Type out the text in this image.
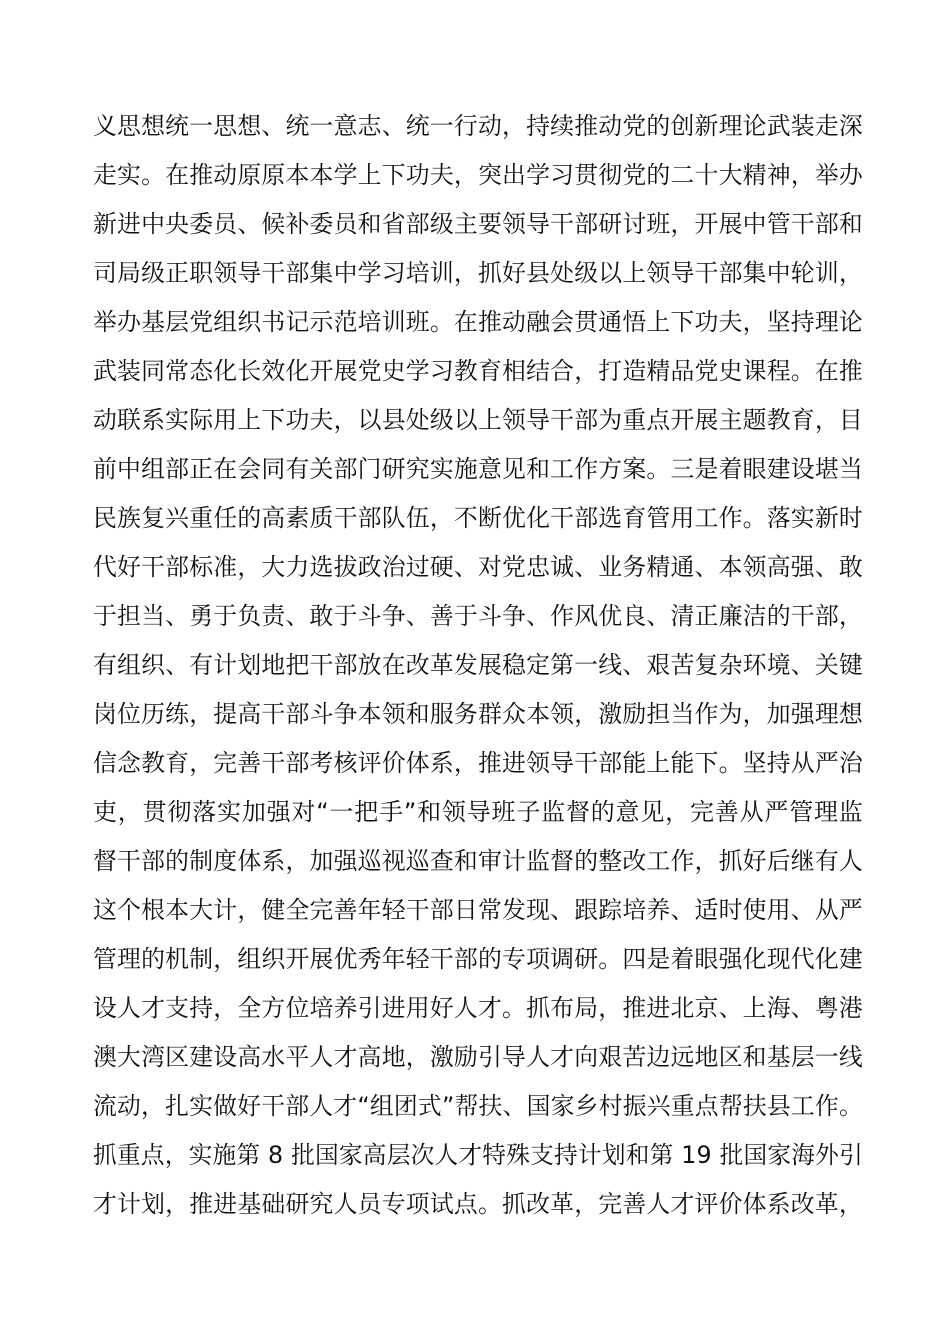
义思想统一思想、统一意志、统一行动，持续推动党的创新理论武装走深
走实。在推动原原本本学上下功夫，突出学习贯彻党的二十大精神，举办
新进中央委员、候补委员和省部级主要领导干部研讨班，开展中管干部和
司局级正职领导干部集中学习培训，抓好县处级以上领导干部集中轮训，
举办基层党组织书记示范培训班。在推动融会贯通悟上下功夫，坚持理论
武装同常态化长效化开展党史学习教育相结合，打造精品党史课程。在推
动联系实际用上下功夫，以县处级以上领导干部为重点开展主题教育，目
前中组部正在会同有关部门研究实施意见和工作方案。三是着眼建设堪当
民族复兴重任的高素质干部队伍，不断优化干部选育管用工作。落实新时
代好干部标准，大力选拔政治过硬、对党忠诚、业务精通、本领高强、敢
于担当、勇于负责、敢于斗争、善于斗争、作风优良、清正廉洁的干部，
有组织、有计划地把干部放在改革发展稳定第一线、艰苦复杂环境、关键
岗位历练，提高干部斗争本领和服务群众本领，激励担当作为，加强理想
信念教育，完善干部考核评价体系，推进领导干部能上能下。坚持从严治
吏，贯彻落实加强对“一把手”和领导班子监督的意见，完善从严管理监
督干部的制度体系，加强巡视巡查和审计监督的整改工作，抓好后继有人
这个根本大计，健全完善年轻干部日常发现、跟踪培养、适时使用、从严
管理的机制，组织开展优秀年轻干部的专项调研。四是着眼强化现代化建
设人才支持，全方位培养引进用好人才。抓布局，推进北京、上海、粤港
澳大湾区建设高水平人才高地，激励引导人才向艰苦边远地区和基层一线
流动，扎实做好干部人才“组团式”帮扶、国家乡村振兴重点帮扶县工作。
抓重点，实施第 8 批国家高层次人才特殊支持计划和第 19 批国家海外引
才计划，推进基础研究人员专项试点。抓改革，完善人才评价体系改革，
